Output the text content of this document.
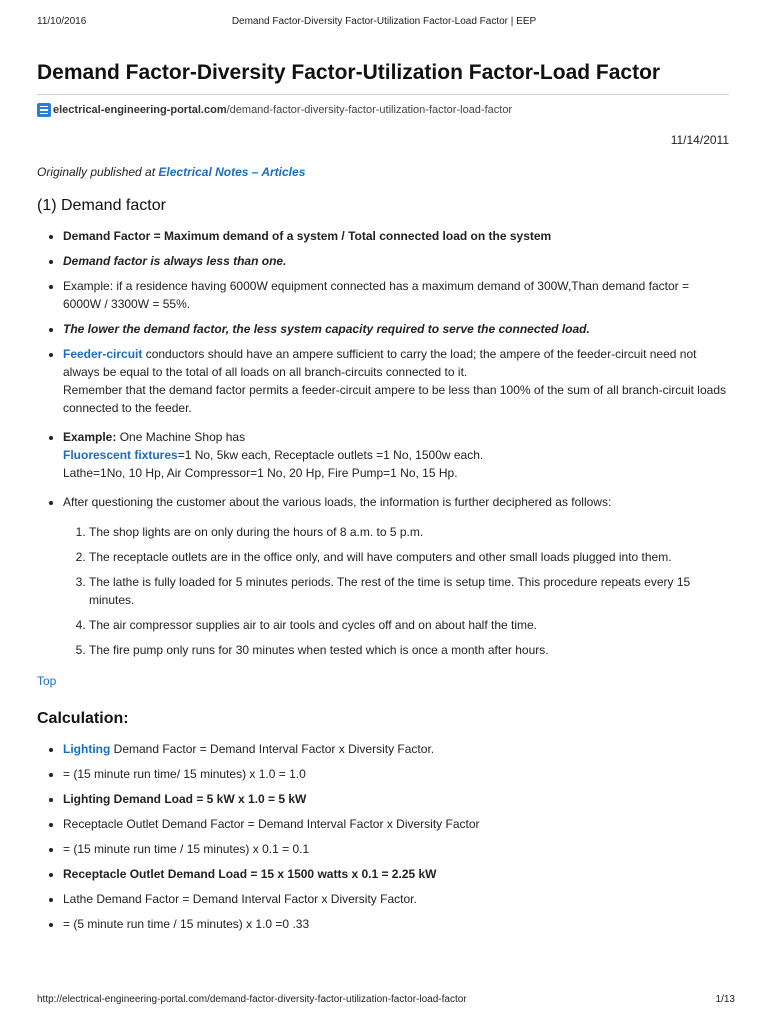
11/10/2016	Demand Factor-Diversity Factor-Utilization Factor-Load Factor | EEP
Demand Factor-Diversity Factor-Utilization Factor-Load Factor
electrical-engineering-portal.com /demand-factor-diversity-factor-utilization-factor-load-factor
11/14/2011
Originally published at Electrical Notes – Articles
(1) Demand factor
• Demand Factor = Maximum demand of a system / Total connected load on the system
• Demand factor is always less than one.
• Example: if a residence having 6000W equipment connected has a maximum demand of 300W,Than demand factor = 6000W / 3300W = 55%.
• The lower the demand factor, the less system capacity required to serve the connected load.
• Feeder-circuit conductors should have an ampere sufficient to carry the load; the ampere of the feeder-circuit need not always be equal to the total of all loads on all branch-circuits connected to it.
Remember that the demand factor permits a feeder-circuit ampere to be less than 100% of the sum of all branch-circuit loads connected to the feeder.
• Example: One Machine Shop has
Fluorescent fixtures=1 No, 5kw each, Receptacle outlets =1 No, 1500w each.
Lathe=1No, 10 Hp, Air Compressor=1 No, 20 Hp, Fire Pump=1 No, 15 Hp.
• After questioning the customer about the various loads, the information is further deciphered as follows:
1. The shop lights are on only during the hours of 8 a.m. to 5 p.m.
2. The receptacle outlets are in the office only, and will have computers and other small loads plugged into them.
3. The lathe is fully loaded for 5 minutes periods. The rest of the time is setup time. This procedure repeats every 15 minutes.
4. The air compressor supplies air to air tools and cycles off and on about half the time.
5. The fire pump only runs for 30 minutes when tested which is once a month after hours.
Top
Calculation:
• Lighting Demand Factor = Demand Interval Factor x Diversity Factor.
• = (15 minute run time/ 15 minutes) x 1.0 = 1.0
• Lighting Demand Load = 5 kW x 1.0 = 5 kW
• Receptacle Outlet Demand Factor = Demand Interval Factor x Diversity Factor
• = (15 minute run time / 15 minutes) x 0.1 = 0.1
• Receptacle Outlet Demand Load = 15 x 1500 watts x 0.1 = 2.25 kW
• Lathe Demand Factor = Demand Interval Factor x Diversity Factor.
• = (5 minute run time / 15 minutes) x 1.0 =0 .33
http://electrical-engineering-portal.com/demand-factor-diversity-factor-utilization-factor-load-factor	1/13
